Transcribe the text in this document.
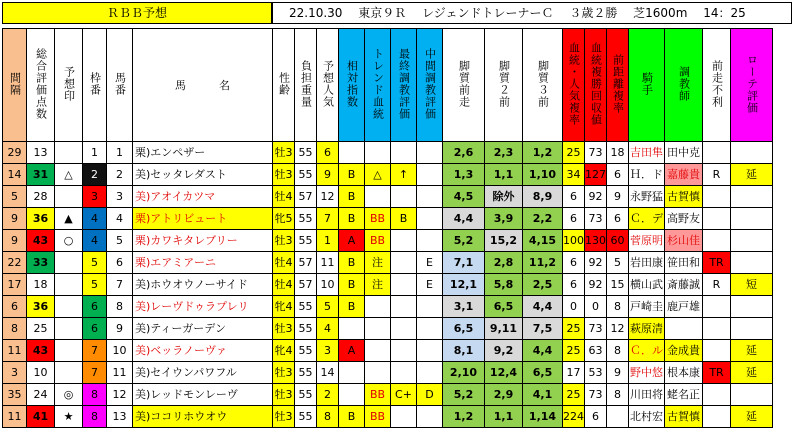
ＲＢＢ予想	22.10.30　 東京９Ｒ　 レジェンドトレーナーＣ　 ３歳２勝　 芝1600m　 14：25
間隔	総合評価点数	予想印	枠番	馬番	馬　　　名	性齢	負担重量	予想人気	相対指数	トレンド血統	最終調教評価	中間調教評価	脚質前走	脚質２前	脚質３前	血統・人気複率	血統複勝回収値	前距離複率	騎手	調教師	前走不利	ローテ評価
29	13		1	1	栗)エンペザー	牡3	55	6					2,6	2,3	1,2	25	73	18	吉田隼	田中克		
14	31	△	2	2	美)セッタレダスト	牡3	55	9	B	△	↑		1,3	1,1	1,10	34	127	6	Ｈ．ド	嘉藤貴	R	延
5	28		3	3	美)アオイカツマ	牡4	57	12	B				4,5	除外	8,9	6	92	9	永野猛	古賀慎		
9	36	▲	4	4	栗)アトリビュート	牝5	55	7	B	BB	B		4,4	3,9	2,2	6	73	6	Ｃ．デ	高野友		
9	43	○	4	5	栗)カワキタレブリー	牡3	55	1	A	BB			5,2	15,2	4,15	100	130	60	菅原明	杉山佳		
22	33		5	6	栗)エアミアーニ	牡4	57	11	B	注		E	7,1	2,8	11,2	6	92	5	岩田康	笹田和	TR	
17	18		5	7	美)ホウオウノーサイド	牡4	57	10	B	注		E	12,1	5,8	2,5	6	92	15	横山武	斎藤誠	R	短
6	36		6	8	美)レーヴドゥラプレリ	牝4	55	5	B				3,1	6,5	4,4	0	0	8	戸崎圭	鹿戸雄		
8	25		6	9	美)ティーガーデン	牡3	55	4					6,5	9,11	7,5	25	73	12	萩原清			
11	43		7	10	美)ベッラノーヴァ	牝4	55	3	A				8,1	9,2	4,4	25	63	8	Ｃ．ル	金成貴		延
3	10		7	11	美)セイウンパワフル	牡3	55	14					2,10	12,4	6,5	17	53	9	野中悠	根本康	TR	延
35	24	◎	8	12	美)レッドモンレーヴ	牡3	55	2		BB	C+	D	5,2	2,9	4,1	25	73	8	川田将	蛯名正		
11	41	★	8	13	美)ココリホウオウ	牡3	55	8	B	BB			1,2	1,1	1,14	224	6		北村宏	古賀慎		延
